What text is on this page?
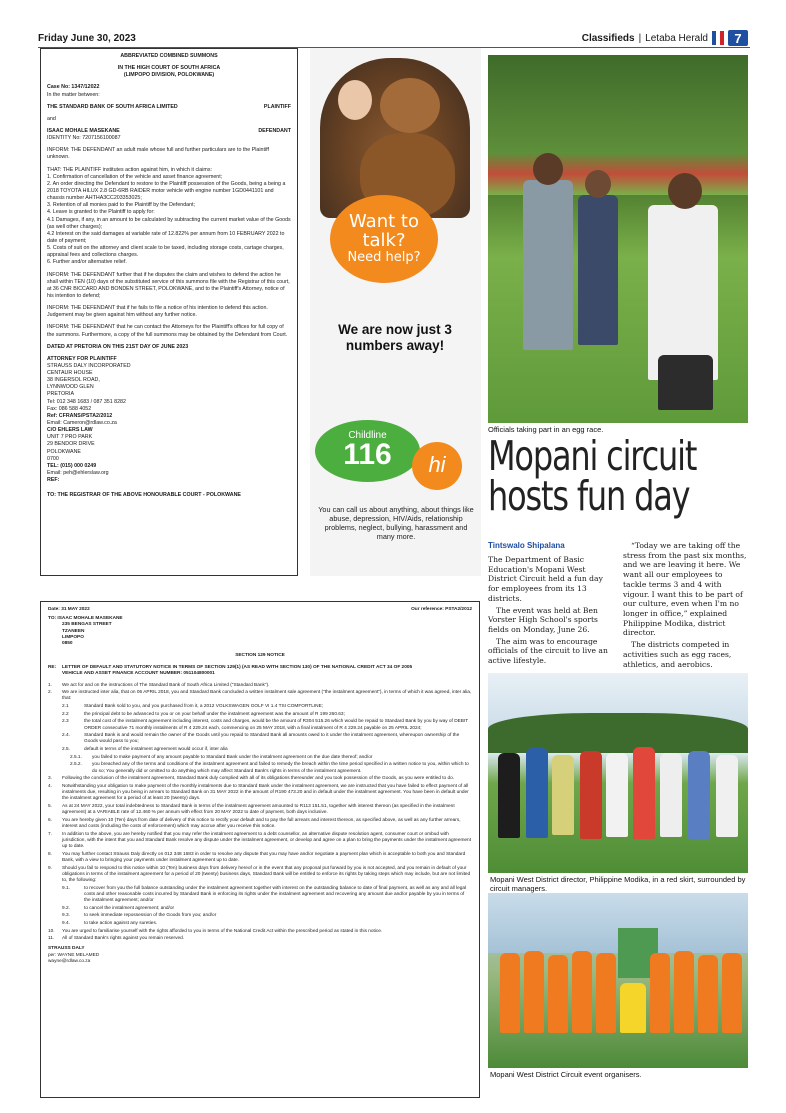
Friday June 30, 2023	Classifieds | Letaba Herald	7

ABBREVIATED COMBINED SUMMONS

IN THE HIGH COURT OF SOUTH AFRICA

(LIMPOPO DIVISION, POLOKWANE)

Case No: 1347/12022

In the matter between:

THE STANDARD BANK OF SOUTH AFRICA LIMITED	PLAINTIFF

and

ISAAC MOHALE MASEKANE	DEFENDANT

IDENTITY No: 7207156100087

INFORM: THE DEFENDANT an adult male whose full and further particulars are to the Plaintiff unknown.

THAT: THE PLAINTIFF institutes action against him, in which it claims:
1. Confirmation of cancellation of the vehicle and asset finance agreement;
2. An order directing the Defendant to restore to the Plaintiff possession of the Goods, being a being a 2018 TOYOTA HILUX 2.8 GD-6RB RAIDER motor vehicle with engine number 1GD0441101 and chassis number AHTHA3CC203353025;
3. Retention of all monies paid to the Plaintiff by the Defendant;
4. Leave is granted to the Plaintiff to apply for:
4.1 Damages, if any, in an amount to be calculated by subtracting the current market value of the Goods (as well other charges);
4.2 Interest on the said damages at variable rate of 12.822% per annum from 10 FEBRUARY 2022 to date of payment;
5. Costs of suit on the attorney and client scale to be taxed, including storage costs, cartage charges, appraisal fees and collections charges.
6. Further and/or alternative relief.

INFORM: THE DEFENDANT further that if he disputes the claim and wishes to defend the action he shall within TEN (10) days of the substituted service of this summons file with the Registrar of this court, at 36 CNR BICCARD AND BONDEN STREET, POLOKWANE, and to the Plaintiff's Attorney, notice of his intention to defend;

INFORM: THE DEFENDANT that if he fails to file a notice of his intention to defend this action. Judgement may be given against him without any further notice.

INFORM: THE DEFENDANT that he can contact the Attorneys for the Plaintiff's offices for full copy of the summons. Furthermore, a copy of the full summons may be obtained by the Defendant from Court.

DATED AT PRETORIA ON THIS 21ST DAY OF JUNE 2023

ATTORNEY FOR PLAINTIFF
STRAUSS DALY INCORPORATED
CENTAUR HOUSE
38 INGERSOL ROAD,
LYNNWOOD GLEN
PRETORIA
Tel: 012 348 1683 / 087 351 8282
Fax: 086 588 4052
Ref: CFRANS/PSTA2/2012
Email: Cameron@rdlaw.co.za
C/O EHLERS LAW
UNIT 7 PRO PARK
29 BENDOR DRIVE
POLOKWANE
0700
TEL: (015) 000 0249
Email: peh@ehlerslaw.org
REF:

TO: THE REGISTRAR OF THE ABOVE HONOURABLE COURT - POLOKWANE

Want to
talk?
Need help?
We are now just 3 numbers away!
Childline
116	hi
You can call us about anything, about things like abuse, depression, HIV/Aids, relationship problems, neglect, bullying, harassment and many more.
Officials taking part in an egg race.
Mopani circuit
hosts fun day
Tintswalo Shipalana

The Department of Basic Education's Mopani West District Circuit held a fun day for employees from its 13 districts.

The event was held at Ben Vorster High School's sports fields on Monday, June 26.

The aim was to encourage officials of the circuit to live an active lifestyle.

“Today we are taking off the stress from the past six months, and we are leaving it here. We want all our employees to tackle terms 3 and 4 with vigour. I want this to be part of our culture, even when I'm no longer in office,” explained Philippine Modika, district director.

The districts competed in activities such as egg races, athletics, and aerobics.

Mopani West District director, Philippine Modika, in a red skirt, surrounded by circuit managers.
Mopani West District Circuit event organisers.

Date: 31 MAY 2022	Our reference: PSTA2/2012

TO: ISAAC MOHALE MASEKANE
235 BENGAS STREET
TZANEEN
LIMPOPO
0850

SECTION 129 NOTICE

RE:	LETTER OF DEFAULT AND STATUTORY NOTICE IN TERMS OF SECTION 129(1) (AS READ WITH SECTION 130) OF THE NATIONAL CREDIT ACT 34 OF 2005
VEHICLE AND ASSET FINANCE ACCOUNT NUMBER: 051104800001
1.	We act for and on the instructions of The Standard Bank of South Africa Limited (“Standard Bank”).
2.	We are instructed inter alia, that on 06 APRIL 2018, you and Standard Bank concluded a written instalment sale agreement (“the instalment agreement”), in terms of which it was agreed, inter alia, that:
2.1	Standard Bank sold to you, and you purchased from it, a 2012 VOLKSWAGEN GOLF VI 1.4 TSI COMFORTLINE;
2.2	the principal debt to be advanced to you or on your behalf under the instalment agreement was the amount of R 199 260.63;
2.3	the total cost of the instalment agreement including interest, costs and charges, would be the amount of R304 515.26 which would be repaid to Standard Bank by you by way of DEBIT ORDER consecutive 71 monthly instalments of R 4 229.24 each, commencing on 25 MAY 2018, with a final instalment of R 4 229.24 payable on 25 APRIL 2024;
2.4.	Standard Bank is and would remain the owner of the Goods until you repaid to Standard Bank all amounts owed to it under the instalment agreement, whereupon ownership of the Goods would pass to you;
2.5.	default in terms of the instalment agreement would occur if, inter alia
2.5.1.	you failed to make payment of any amount payable to Standard Bank under the instalment agreement on the due date thereof; and/or
2.5.2.	you breached any of the terms and conditions of the instalment agreement and failed to remedy the breach within the time period specified in a written notice to you, within which to do so; You generally did or omitted to do anything which may affect Standard Bank's rights in terms of the instalment agreement.
3.	Following the conclusion of the instalment agreement, Standard Bank duly complied with all of its obligations thereunder and you took possession of the Goods, as you were entitled to do.
4.	Notwithstanding your obligation to make payment of the monthly instalments due to Standard Bank under the instalment agreement, we are instructed that you have failed to effect payment of all instalments due, resulting in you being in arrears to Standard Bank on 31 MAY 2022 in the amount of R190 473.20 and in default under the instalment agreement. You have been in default under the instalment agreement for a period of at least 20 (twenty) days.
5.	As at 24 MAY 2022, your total indebtedness to Standard Bank in terms of the instalment agreement amounted to R113 151.51, together with interest thereon (as specified in the instalment agreement) at a VARIABLE rate of 12.460 % per annum with effect from 20 MAY 2022 to date of payment, both days inclusive.
6.	You are hereby given 10 (Ten) days from date of delivery of this notice to rectify your default and to pay the full arrears and interest thereon, as specified above, as well as any further arrears, interest and costs (including the costs of enforcement) which may accrue after you receive this notice.
7.	In addition to the above, you are hereby notified that you may refer the instalment agreement to a debt counsellor, an alternative dispute resolution agent, consumer court or ombud with jurisdiction, with the intent that you and Standard Bank resolve any dispute under the instalment agreement, or develop and agree on a plan to bring the payments under the instalment agreement up to date.
8.	You may further contact Strauss Daly directly on 012 348 1683 in order to resolve any dispute that you may have and/or negotiate a payment plan which is acceptable to both you and Standard Bank, with a view to bringing your payments under instalment agreement up to date.
9.	Should you fail to respond to this notice within 10 (Ten) business days from delivery hereof or in the event that any proposal put forward by you is not accepted, and you remain in default of your obligations in terms of the instalment agreement for a period of 20 (twenty) business days, Standard Bank will be entitled to enforce its rights by taking steps which may include, but are not limited to, the following:
9.1.	to recover from you the full balance outstanding under the instalment agreement together with interest on the outstanding balance to date of final payment, as well as any and all legal costs and other reasonable costs incurred by Standard Bank in enforcing its rights under the instalment agreement and recovering any amount due and/or payable by you in terms of the instalment agreement; and/or
9.2.	to cancel the instalment agreement; and/or
9.3.	to seek immediate repossession of the Goods from you; and/or
9.4.	to take action against any sureties.
10.	You are urged to familiarise yourself with the rights afforded to you in terms of the National Credit Act within the prescribed period as stated in this notice.
11.	All of Standard Bank's rights against you remain reserved.
STRAUSS DALY
per: WAYNE MELAMED
wayne@rdlaw.co.za
